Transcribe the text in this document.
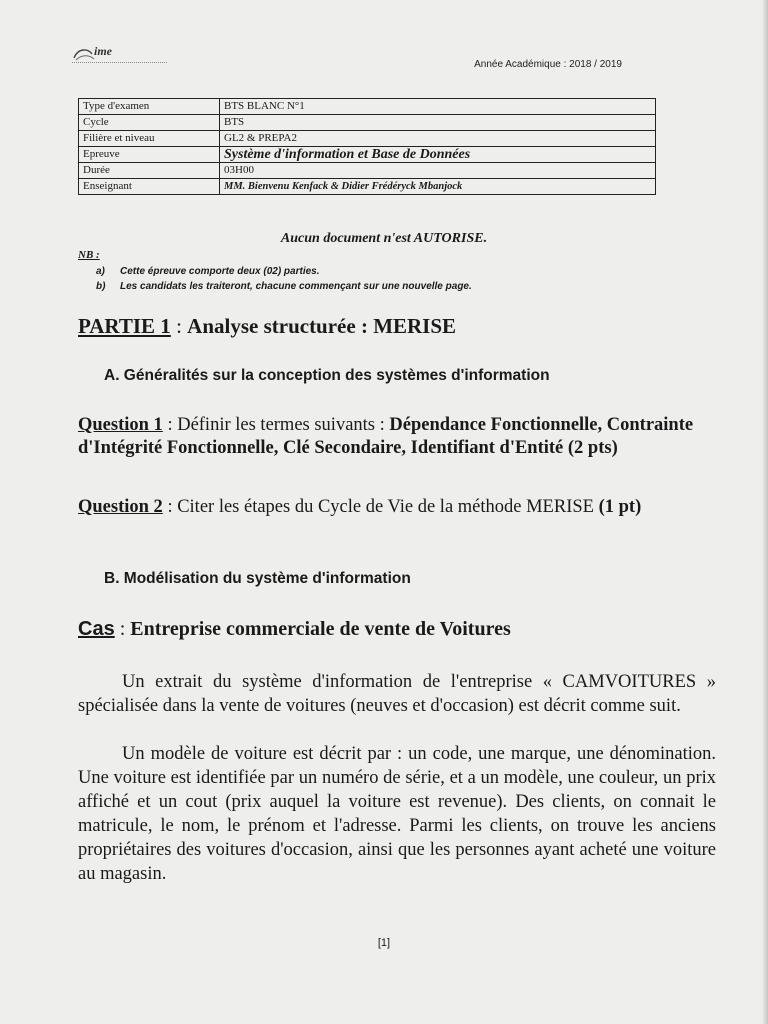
ime
Année Académique : 2018 / 2019
Type d'examen	BTS BLANC N°1
Cycle	BTS
Filière et niveau	GL2 & PREPA2
Epreuve	Système d'information et Base de Données
Durée	03H00
Enseignant	MM. Bienvenu Kenfack & Didier Frédéryck Mbanjock
Aucun document n'est AUTORISE.
NB :
a) Cette épreuve comporte deux (02) parties.
b) Les candidats les traiteront, chacune commençant sur une nouvelle page.
PARTIE 1 : Analyse structurée : MERISE
A. Généralités sur la conception des systèmes d'information
Question 1 : Définir les termes suivants : Dépendance Fonctionnelle, Contrainte d'Intégrité Fonctionnelle, Clé Secondaire, Identifiant d'Entité (2 pts)
Question 2 : Citer les étapes du Cycle de Vie de la méthode MERISE (1 pt)
B. Modélisation du système d'information
Cas : Entreprise commerciale de vente de Voitures
Un extrait du système d'information de l'entreprise « CAMVOITURES » spécialisée dans la vente de voitures (neuves et d'occasion) est décrit comme suit.
Un modèle de voiture est décrit par : un code, une marque, une dénomination. Une voiture est identifiée par un numéro de série, et a un modèle, une couleur, un prix affiché et un cout (prix auquel la voiture est revenue). Des clients, on connait le matricule, le nom, le prénom et l'adresse. Parmi les clients, on trouve les anciens propriétaires des voitures d'occasion, ainsi que les personnes ayant acheté une voiture au magasin.
[1]
